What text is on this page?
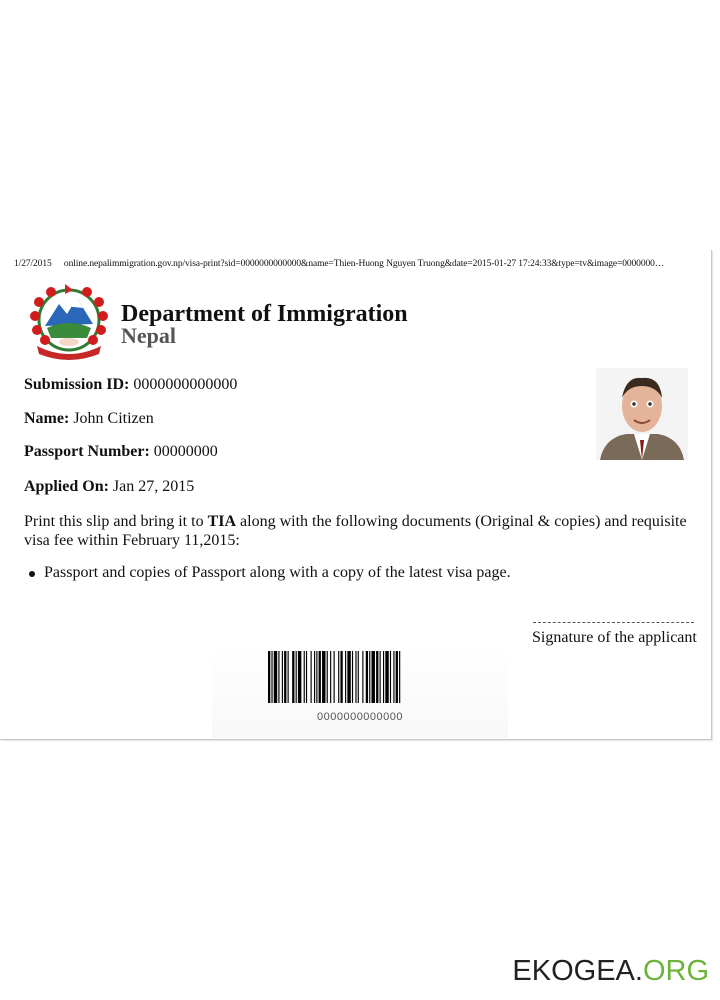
1/27/2015 online.nepalimmigration.gov.np/visa-print?sid=0000000000000&name=Thien-Huong Nguyen Truong&date=2015-01-27 17:24:33&type=tv&image=0000000…
Department of Immigration
Nepal
Submission ID: 0000000000000
Name: John Citizen
Passport Number: 00000000
Applied On: Jan 27, 2015
Print this slip and bring it to TIA along with the following documents (Original & copies) and requisite visa fee within February 11,2015:
Passport and copies of Passport along with a copy of the latest visa page.
Signature of the applicant
0000000000000
EKOGEA.ORG
